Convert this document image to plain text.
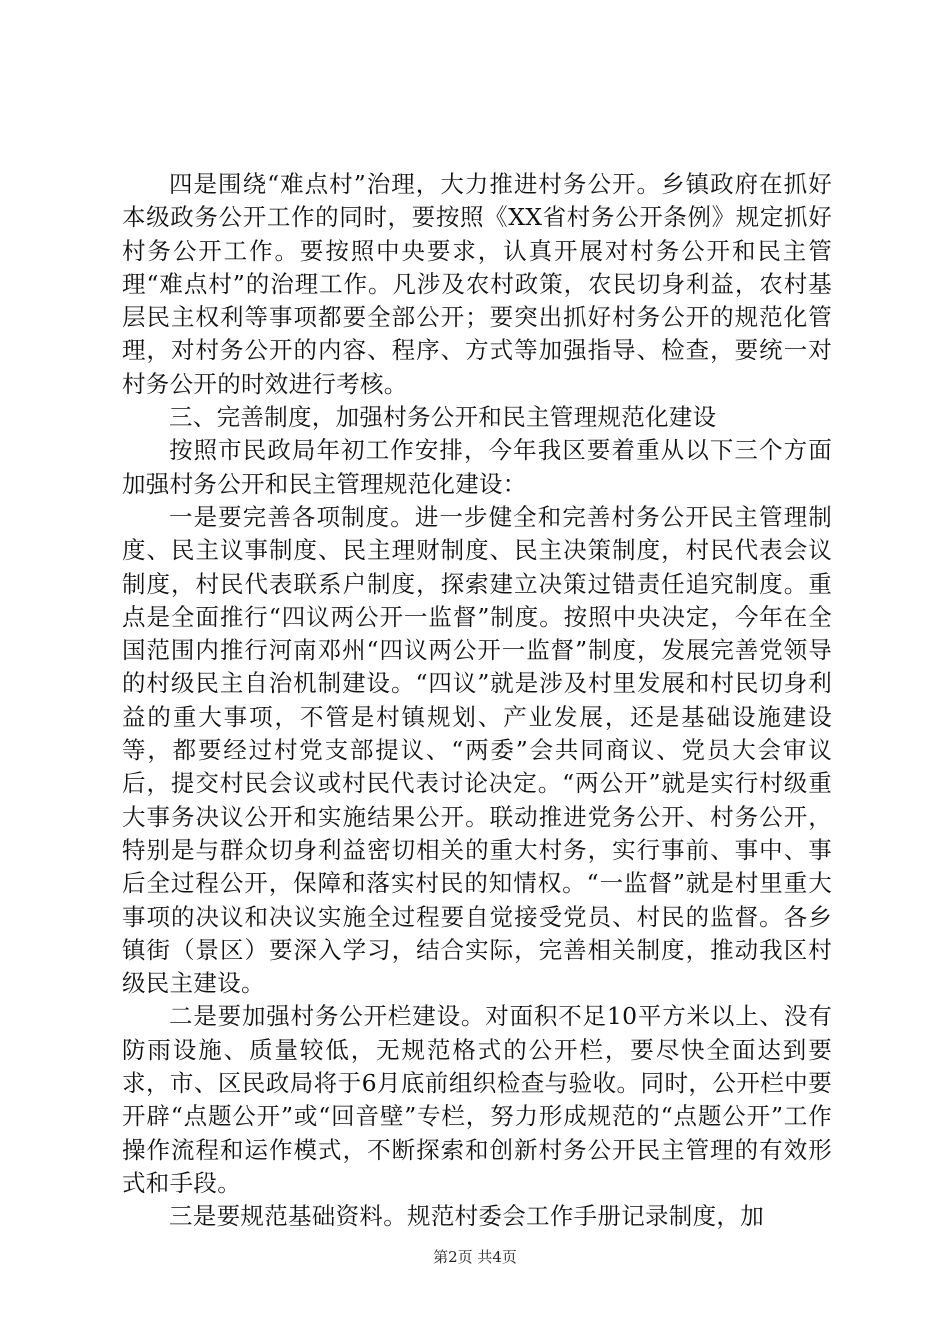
四是围绕“难点村”治理，大力推进村务公开。乡镇政府在抓好本级政务公开工作的同时，要按照《XX省村务公开条例》规定抓好村务公开工作。要按照中央要求，认真开展对村务公开和民主管理“难点村”的治理工作。凡涉及农村政策，农民切身利益，农村基层民主权利等事项都要全部公开；要突出抓好村务公开的规范化管理，对村务公开的内容、程序、方式等加强指导、检查，要统一对村务公开的时效进行考核。

三、完善制度，加强村务公开和民主管理规范化建设

按照市民政局年初工作安排，今年我区要着重从以下三个方面加强村务公开和民主管理规范化建设：

一是要完善各项制度。进一步健全和完善村务公开民主管理制度、民主议事制度、民主理财制度、民主决策制度，村民代表会议制度，村民代表联系户制度，探索建立决策过错责任追究制度。重点是全面推行“四议两公开一监督”制度。按照中央决定，今年在全国范围内推行河南邓州“四议两公开一监督”制度，发展完善党领导的村级民主自治机制建设。“四议”就是涉及村里发展和村民切身利益的重大事项，不管是村镇规划、产业发展，还是基础设施建设等，都要经过村党支部提议、“两委”会共同商议、党员大会审议后，提交村民会议或村民代表讨论决定。“两公开”就是实行村级重大事务决议公开和实施结果公开。联动推进党务公开、村务公开，特别是与群众切身利益密切相关的重大村务，实行事前、事中、事后全过程公开，保障和落实村民的知情权。“一监督”就是村里重大事项的决议和决议实施全过程要自觉接受党员、村民的监督。各乡镇街（景区）要深入学习，结合实际，完善相关制度，推动我区村级民主建设。

二是要加强村务公开栏建设。对面积不足10平方米以上、没有防雨设施、质量较低，无规范格式的公开栏，要尽快全面达到要求，市、区民政局将于6月底前组织检查与验收。同时，公开栏中要开辟“点题公开”或“回音壁”专栏，努力形成规范的“点题公开”工作操作流程和运作模式，不断探索和创新村务公开民主管理的有效形式和手段。

三是要规范基础资料。规范村委会工作手册记录制度，加

第2页 共4页
